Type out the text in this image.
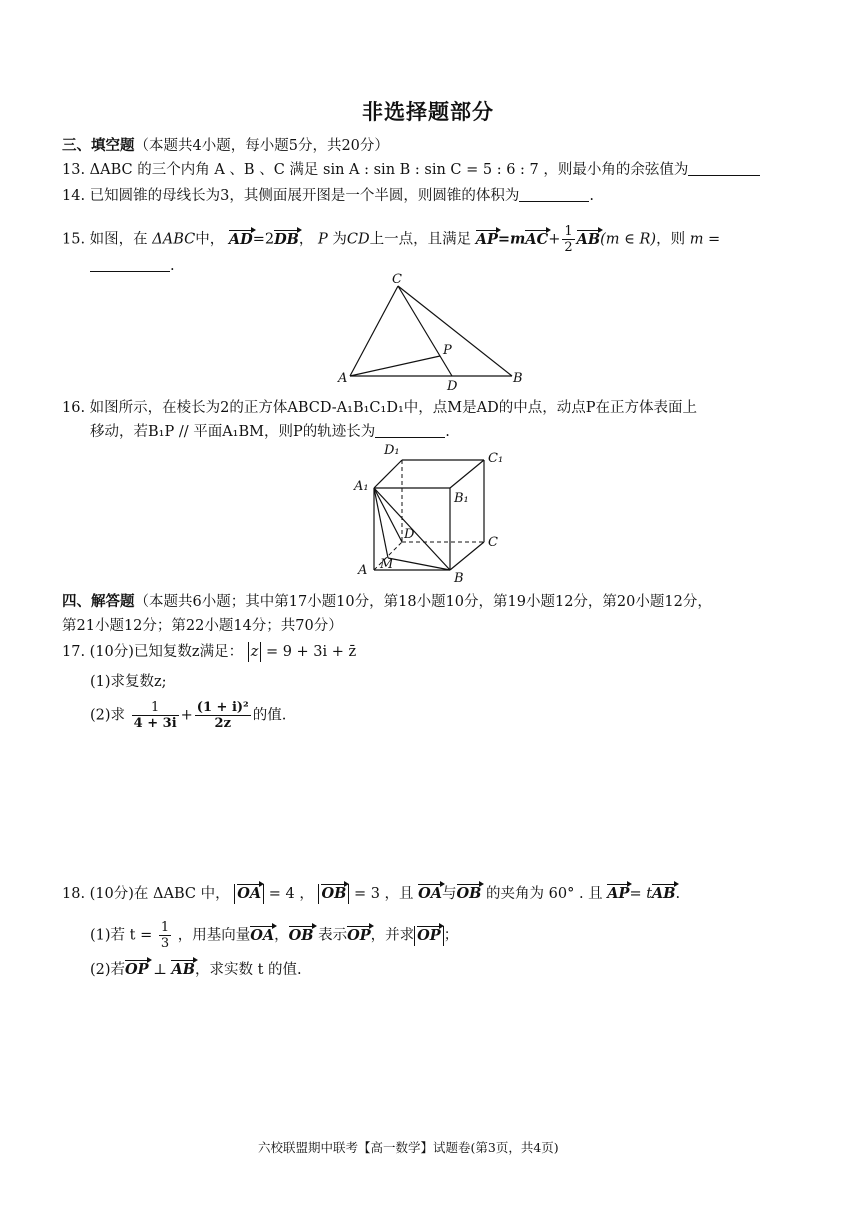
非选择题部分
三、填空题（本题共4小题，每小题5分，共20分）
13. ΔABC 的三个内角 A 、B 、C 满足 sin A : sin B : sin C = 5 : 6 : 7 ，则最小角的余弦值为
14. 已知圆锥的母线长为3，其侧面展开图是一个半圆，则圆锥的体积为	.
15. 如图，在 ΔABC中， AD=2DB， P 为CD上一点，且满足 $AP=mAC+ \frac{1}{2} AB(m$ ∈ R)，则 m =
.
C
P
A
D
B
16. 如图所示，在棱长为2的正方体ABCD-A₁B₁C₁D₁中，点M是AD的中点，动点P在正方体表面上
移动，若B₁P // 平面A₁BM，则P的轨迹长为	.
D₁
C₁
A₁
B₁
D
C
A M
B
四、解答题（本题共6小题；其中第17小题10分，第18小题10分，第19小题12分，第20小题12分，
第21小题12分；第22小题14分；共70分）
17. (10分)已知复数z满足： z = 9 + 3i + z̄
(1)求复数z;
(2)求 $\frac{1}{4 + 3i} + \frac{\text{(1 + i)²}}{2z}$ 的值.
18. (10分)在 ΔABC 中， OA = 4 ， OB = 3 ，且 OA与OB 的夹角为 60° . 且 AP= tAB.
(1)若 $t = \frac{1}{3}$ ，用基向量OA，OB 表示OP，并求 OP ；
(2)若OP ⊥ AB，求实数 t 的值.
六校联盟期中联考【高一数学】试题卷(第3页，共4页)
